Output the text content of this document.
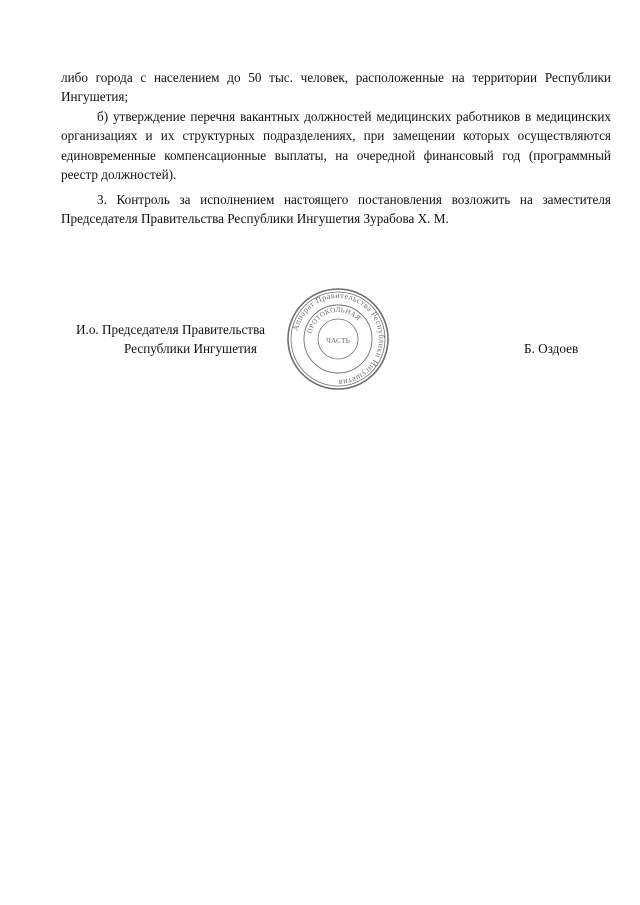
либо города с населением до 50 тыс. человек, расположенные на территории Республики Ингушетия;

б) утверждение перечня вакантных должностей медицинских работников в медицинских организациях и их структурных подразделениях, при замещении которых осуществляются единовременные компенсационные выплаты, на очередной финансовый год (программный реестр должностей).

3. Контроль за исполнением настоящего постановления возложить на заместителя Председателя Правительства Республики Ингушетия Зурабова Х. М.

И.о. Председателя Правительства
Республики Ингушетия	Б. Оздоев
Аппарат Правительства Республики Ингушетия
ПРОТОКОЛЬНАЯ
ЧАСТЬ
